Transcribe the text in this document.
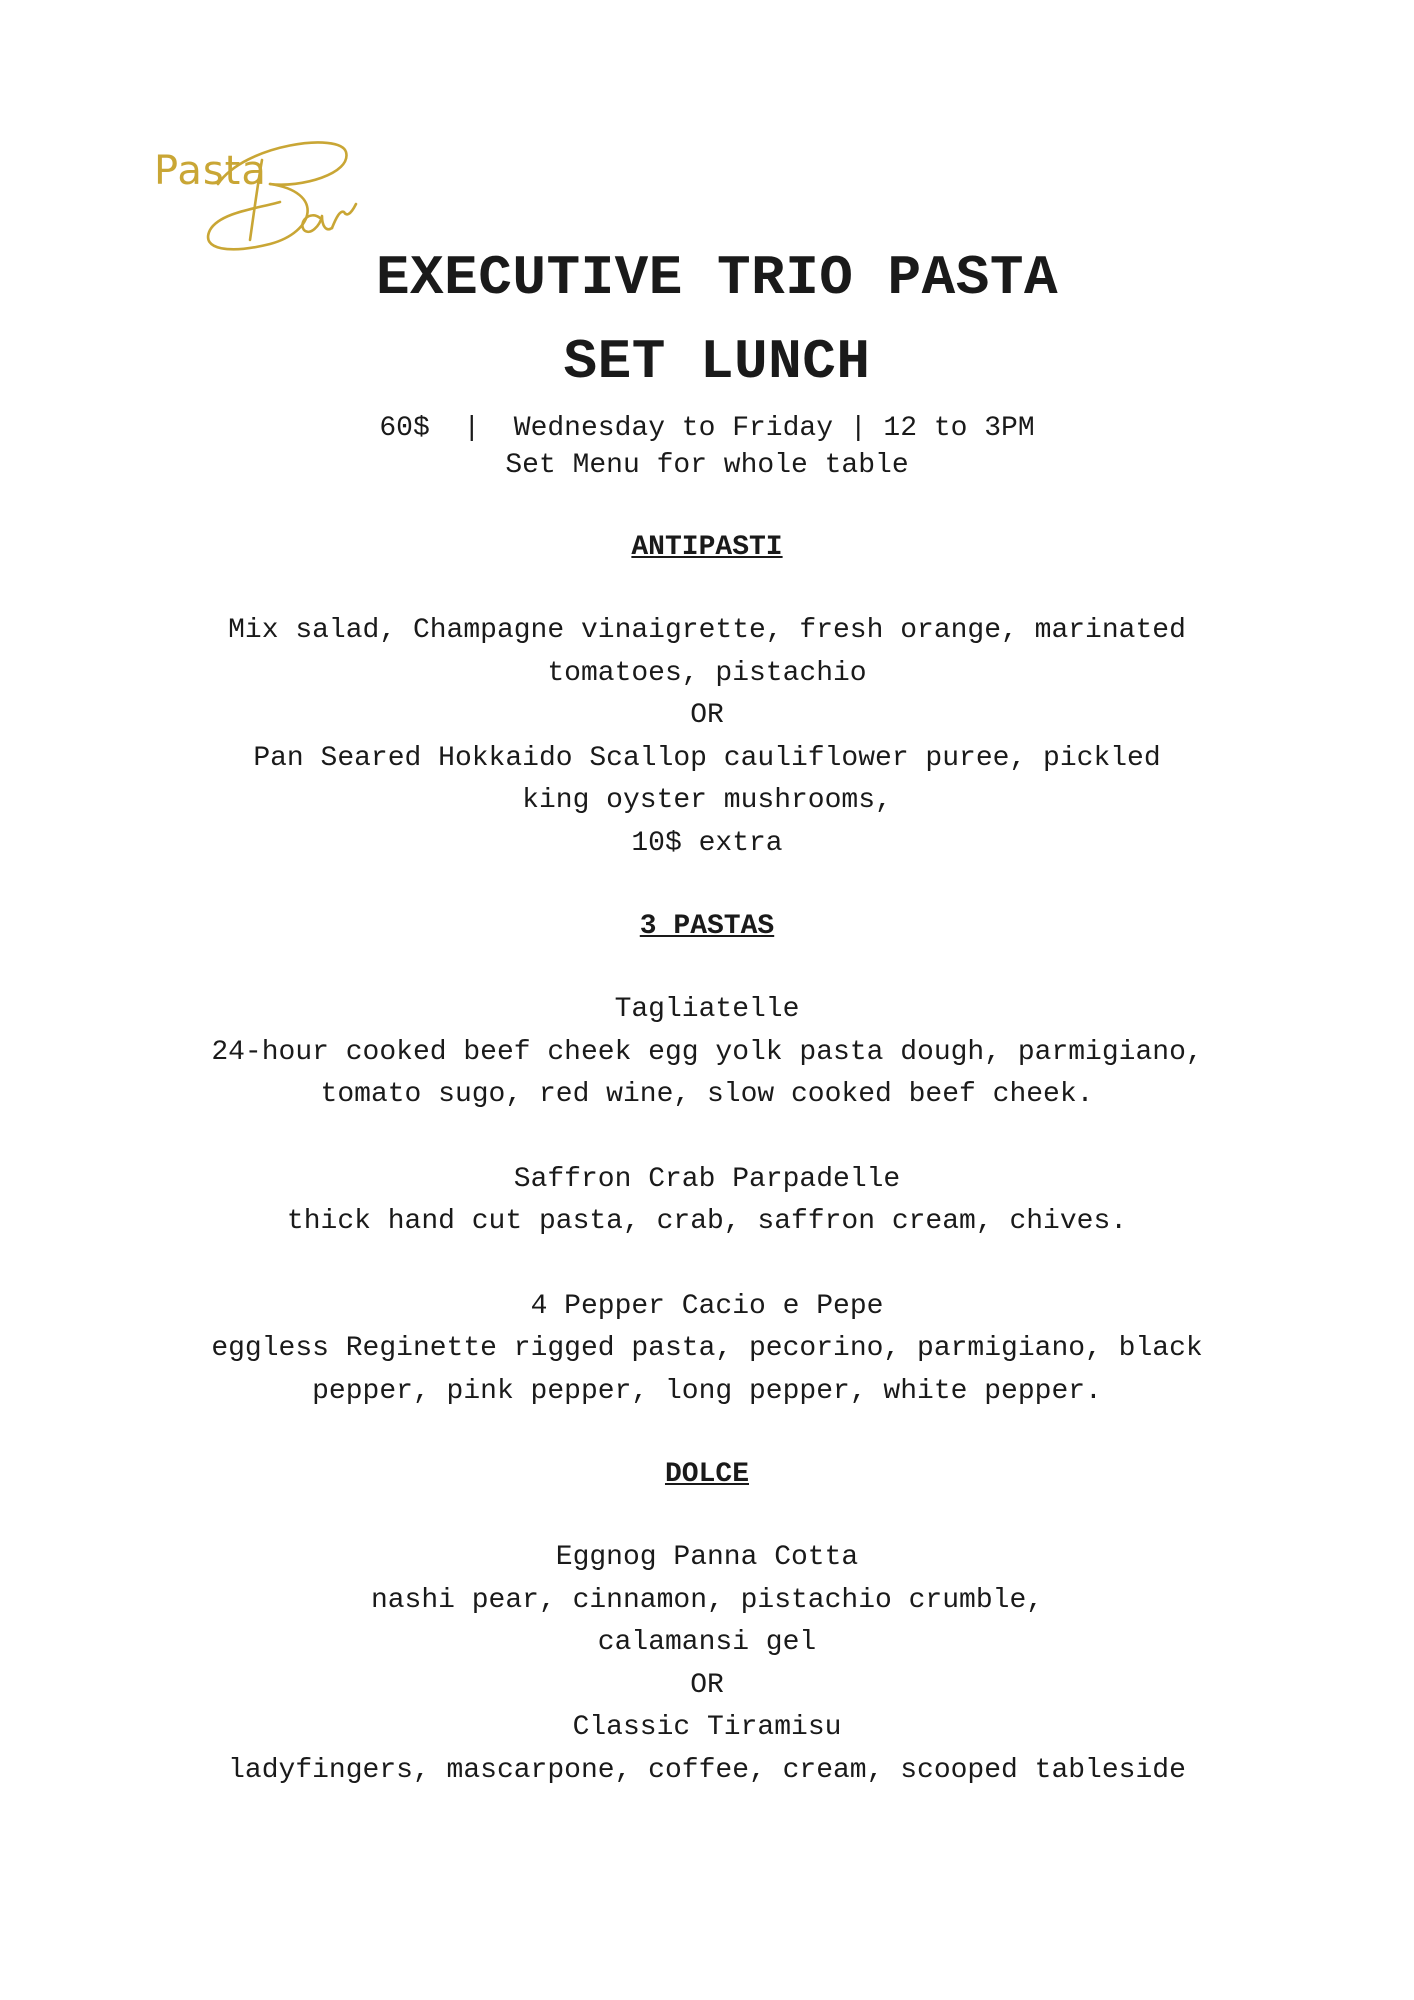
Pasta
EXECUTIVE TRIO PASTA
SET LUNCH

60$  |  Wednesday to Friday | 12 to 3PM

Set Menu for whole table

ANTIPASTI
Mix salad, Champagne vinaigrette, fresh orange, marinated
tomatoes, pistachio
OR
Pan Seared Hokkaido Scallop cauliflower puree, pickled
king oyster mushrooms,
10$ extra
3 PASTAS
Tagliatelle
24-hour cooked beef cheek egg yolk pasta dough, parmigiano,
tomato sugo, red wine, slow cooked beef cheek.
Saffron Crab Parpadelle
thick hand cut pasta, crab, saffron cream, chives.
4 Pepper Cacio e Pepe
eggless Reginette rigged pasta, pecorino, parmigiano, black
pepper, pink pepper, long pepper, white pepper.
DOLCE
Eggnog Panna Cotta
nashi pear, cinnamon, pistachio crumble,
calamansi gel
OR
Classic Tiramisu
ladyfingers, mascarpone, coffee, cream, scooped tableside
